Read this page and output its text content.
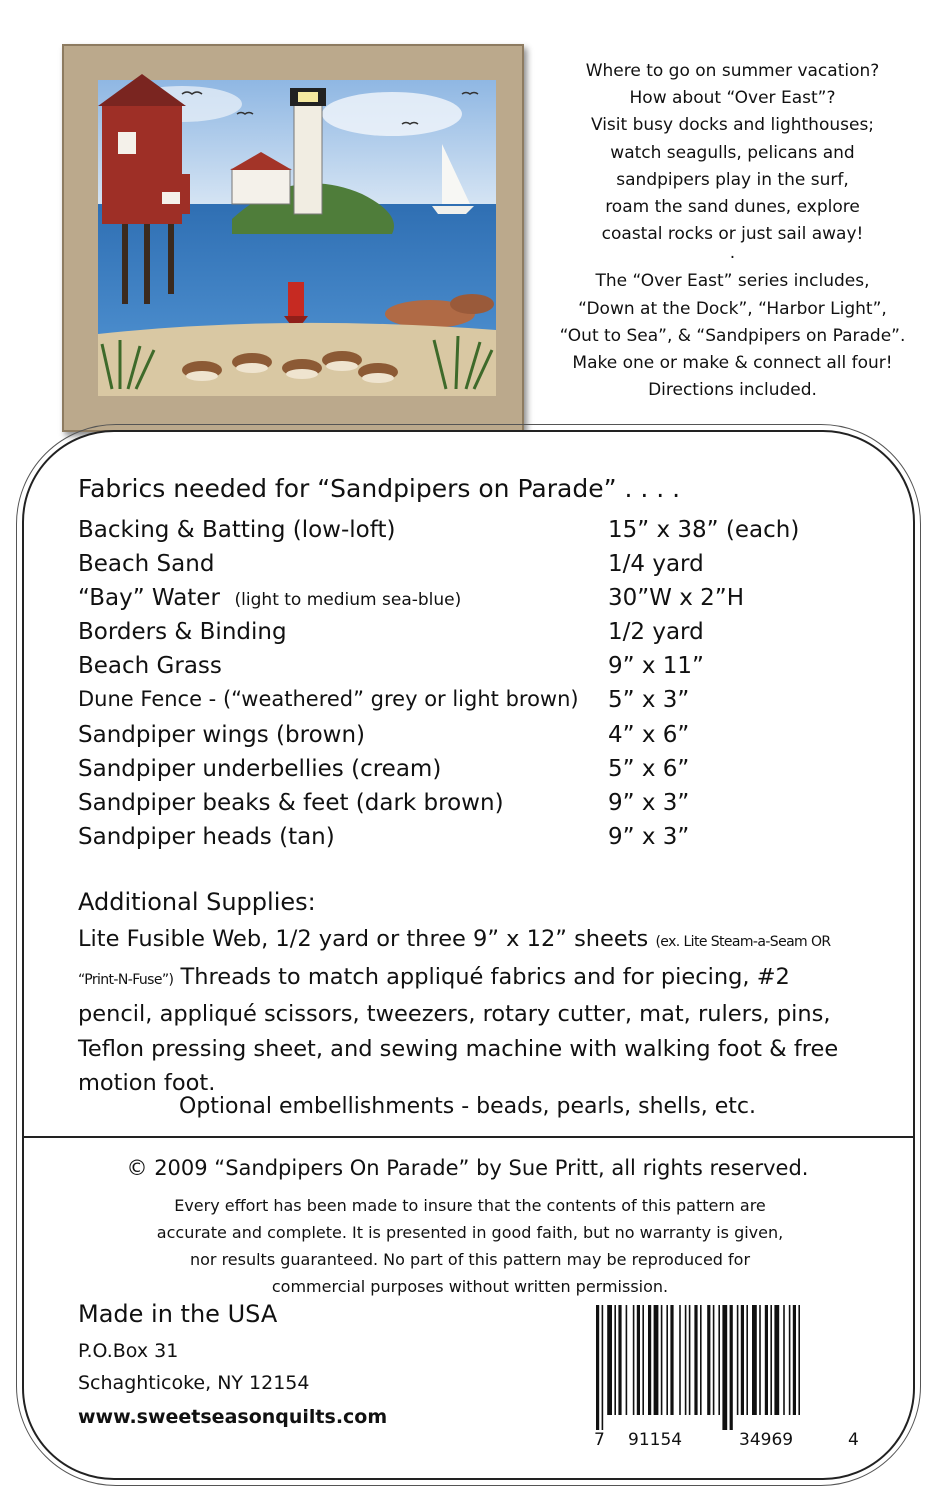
Where to go on summer vacation?

How about “Over East”?

Visit busy docks and lighthouses;

watch seagulls, pelicans and

sandpipers play in the surf,

roam the sand dunes, explore

coastal rocks or just sail away!

.

The “Over East” series includes,

“Down at the Dock”, “Harbor Light”,

“Out to Sea”, & “Sandpipers on Parade”.

Make one or make & connect all four!

Directions included.

Fabrics needed for “Sandpipers on Parade” . . . .
Backing & Batting (low-loft)	15” x 38” (each)
Beach Sand	1/4 yard
“Bay” Water (light to medium sea-blue)	30”W x 2”H
Borders & Binding	1/2 yard
Beach Grass	9” x 11”
Dune Fence - (“weathered” grey or light brown) 5” x 3”
Sandpiper wings (brown)	4” x 6”
Sandpiper underbellies (cream)	5” x 6”
Sandpiper beaks & feet (dark brown)	9” x 3”
Sandpiper heads (tan)	9” x 3”
Additional Supplies:
Lite Fusible Web, 1/2 yard or three 9” x 12” sheets (ex. Lite Steam-a-Seam OR “Print-N-Fuse”) Threads to match appliqué fabrics and for piecing, #2 pencil, appliqué scissors, tweezers, rotary cutter, mat, rulers, pins, Teflon pressing sheet, and sewing machine with walking foot & free motion foot.
Optional embellishments - beads, pearls, shells, etc.
© 2009 “Sandpipers On Parade” by Sue Pritt, all rights reserved.
Every effort has been made to insure that the contents of this pattern are
accurate and complete. It is presented in good faith, but no warranty is given,
nor results guaranteed. No part of this pattern may be reproduced for
commercial purposes without written permission.
Made in the USA
P.O.Box 31
Schaghticoke, NY 12154
www.sweetseasonquilts.com
7 91154	34969	4
